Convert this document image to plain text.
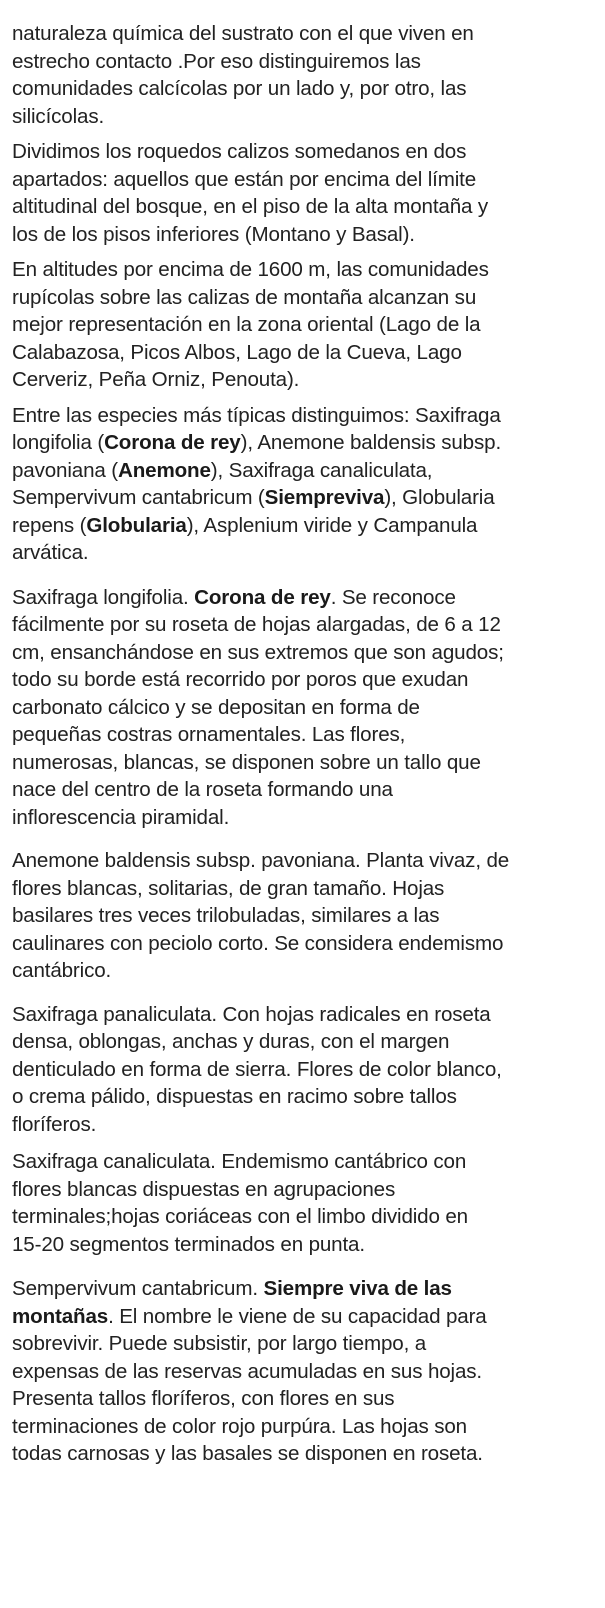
naturaleza química del sustrato con el que viven en
estrecho contacto .Por eso distinguiremos las
comunidades calcícolas por un lado y, por otro, las
silicícolas.

Dividimos los roquedos calizos somedanos en dos
apartados: aquellos que están por encima del límite
altitudinal del bosque, en el piso de la alta montaña y
los de los pisos inferiores (Montano y Basal).

En altitudes por encima de 1600 m, las comunidades
rupícolas sobre las calizas de montaña alcanzan su
mejor representación en la zona oriental (Lago de la
Calabazosa, Picos Albos, Lago de la Cueva, Lago
Cerveriz, Peña Orniz, Penouta).

Entre las especies más típicas distinguimos: Saxifraga
longifolia (Corona de rey), Anemone baldensis subsp.
pavoniana (Anemone), Saxifraga canaliculata,
Sempervivum cantabricum (Siempreviva), Globularia
repens (Globularia), Asplenium viride y Campanula
arvática.

Saxifraga longifolia. Corona de rey. Se reconoce
fácilmente por su roseta de hojas alargadas, de 6 a 12
cm, ensanchándose en sus extremos que son agudos;
todo su borde está recorrido por poros que exudan
carbonato cálcico y se depositan en forma de
pequeñas costras ornamentales. Las flores,
numerosas, blancas, se disponen sobre un tallo que
nace del centro de la roseta formando una
inflorescencia piramidal.

Anemone baldensis subsp. pavoniana. Planta vivaz, de
flores blancas, solitarias, de gran tamaño. Hojas
basilares tres veces trilobuladas, similares a las
caulinares con peciolo corto. Se considera endemismo
cantábrico.

Saxifraga panaliculata. Con hojas radicales en roseta
densa, oblongas, anchas y duras, con el margen
denticulado en forma de sierra. Flores de color blanco,
o crema pálido, dispuestas en racimo sobre tallos
floríferos.

Saxifraga canaliculata. Endemismo cantábrico con
flores blancas dispuestas en agrupaciones
terminales;hojas coriáceas con el limbo dividido en
15-20 segmentos terminados en punta.

Sempervivum cantabricum. Siempre viva de las
montañas. El nombre le viene de su capacidad para
sobrevivir. Puede subsistir, por largo tiempo, a
expensas de las reservas acumuladas en sus hojas.
Presenta tallos floríferos, con flores en sus
terminaciones de color rojo purpúra. Las hojas son
todas carnosas y las basales se disponen en roseta.
